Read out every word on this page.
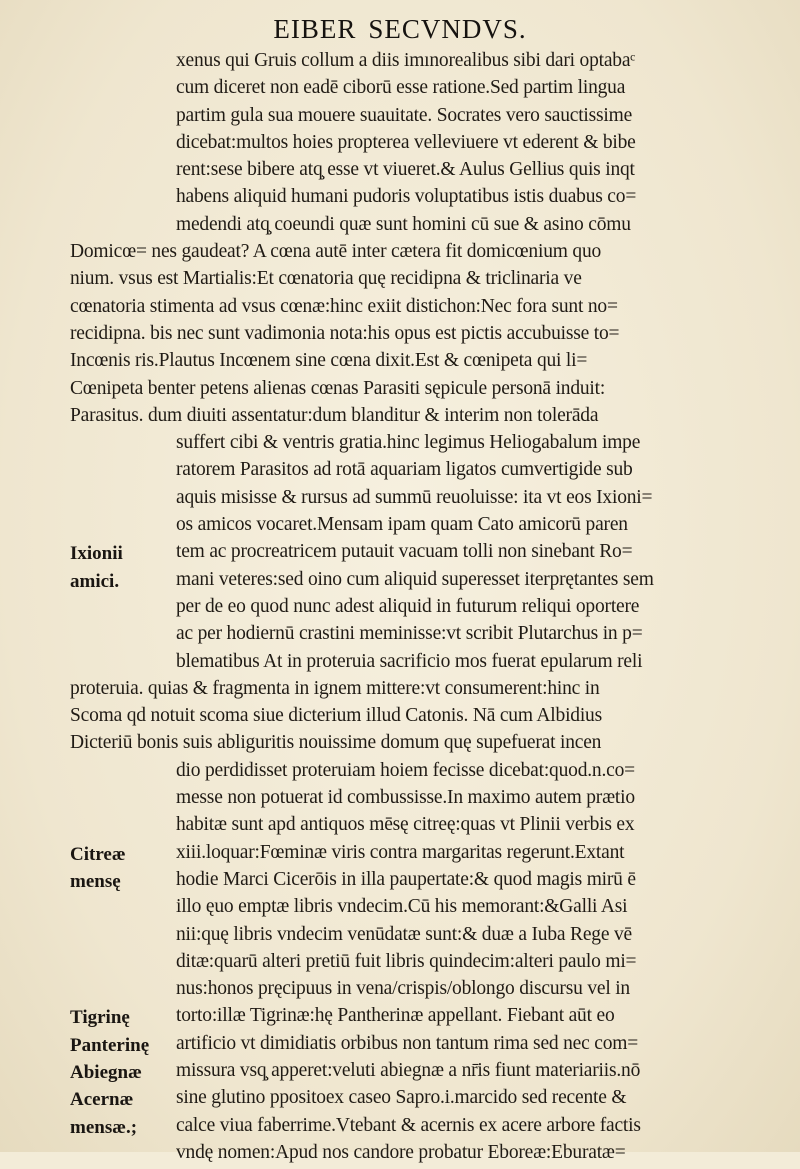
EIBER SECVNDVS.
xenus qui Gruis collum a diis imınorealibus sibi dari optabaᶜ
cum diceret non eadē ciborū esse ratione.Sed partim lingua
partim gula sua mouere suauitate. Socrates vero sauctissime
dicebat:multos hoies propterea velleviuere vt ederent & bibe
rent:sese bibere atq̧ esse vt viueret.& Aulus Gellius quis inqt
habens aliquid humani pudoris voluptatibus istis duabus co=
medendi atq̧ coeundi quæ sunt homini cū sue & asino cōmu
Domicœ= nes gaudeat? A cœna autē inter cætera fit domicœnium quo
nium. vsus est Martialis:Et cœnatoria quę recidipna & triclinaria ve
cœnatoria stimenta ad vsus cœnæ:hinc exiit distichon:Nec fora sunt no=
recidipna. bis nec sunt vadimonia nota:his opus est pictis accubuisse to=
Incœnis ris.Plautus Incœnem sine cœna dixit.Est & cœnipeta qui li=
Cœnipeta benter petens alienas cœnas Parasiti sępicule personā induit:
Parasitus. dum diuiti assentatur:dum blanditur & interim non tolerāda
suffert cibi & ventris gratia.hinc legimus Heliogabalum impe
ratorem Parasitos ad rotā aquariam ligatos cumvertigide sub
aquis misisse & rursus ad summū reuoluisse: ita vt eos Ixioni=
os amicos vocaret.Mensam ipam quam Cato amicorū paren
Ixionii	tem ac procreatricem putauit vacuam tolli non sinebant Ro=
amici.	mani veteres:sed oino cum aliquid superesset iterprętantes sem
per de eo quod nunc adest aliquid in futurum reliqui oportere
ac per hodiernū crastini meminisse:vt scribit Plutarchus in p=
blematibus At in proteruia sacrificio mos fuerat epularum reli
proteruia. quias & fragmenta in ignem mittere:vt consumerent:hinc in
Scoma qd notuit scoma siue dicterium illud Catonis. Nā cum Albidius
Dicteriū bonis suis abliguritis nouissime domum quę supefuerat incen
dio perdidisset proteruiam hoiem fecisse dicebat:quod.n.co=
messe non potuerat id combussisse.In maximo autem prætio
habitæ sunt apd antiquos mēsę citreę:quas vt Plinii verbis ex
Citreæ	xiii.loquar:Fœminæ viris contra margaritas regerunt.Extant
mensę	hodie Marci Cicerōis in illa paupertate:& quod magis mirū ē
illo ęuo emptæ libris vndecim.Cū his memorant:&Galli Asi
nii:quę libris vndecim venūdatæ sunt:& duæ a Iuba Rege vē
ditæ:quarū alteri pretiū fuit libris quindecim:alteri paulo mi=
nus:honos pręcipuus in vena/crispis/oblongo discursu vel in
Tigrinę torto:illæ Tigrinæ:hę Pantherinæ appellant. Fiebant aūt eo
Panterinę artificio vt dimidiatis orbibus non tantum rima sed nec com=
Abiegnæ missura vsq̧ apperet:veluti abiegnæ a nr̄is fiunt materiariis.nō
Acernæ sine glutino ppositoex caseo Sapro.i.marcido sed recente &
mensæ.; calce viua faberrime.Vtebant & acernis ex acere arbore factis
vndę nomen:Apud nos candore probatur Eboreæ:Eburatæ=
